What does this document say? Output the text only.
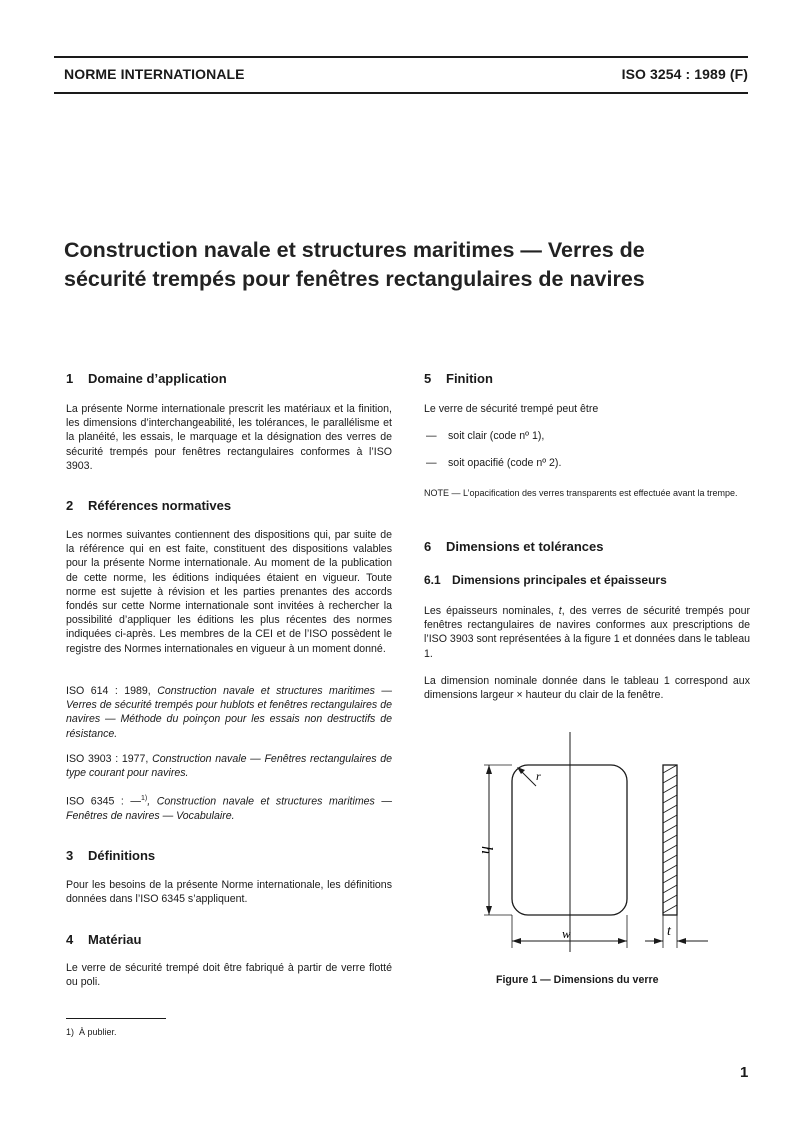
NORME INTERNATIONALE	ISO 3254 : 1989 (F)
Construction navale et structures maritimes — Verres de sécurité trempés pour fenêtres rectangulaires de navires
1 Domaine d’application

La présente Norme internationale prescrit les matériaux et la finition, les dimensions d’interchangeabilité, les tolérances, le parallélisme et la planéité, les essais, le marquage et la désignation des verres de sécurité trempés pour fenêtres rectangulaires conformes à l’ISO 3903.

2 Références normatives

Les normes suivantes contiennent des dispositions qui, par suite de la référence qui en est faite, constituent des dispositions valables pour la présente Norme internationale. Au moment de la publication de cette norme, les éditions indiquées étaient en vigueur. Toute norme est sujette à révision et les parties prenantes des accords fondés sur cette Norme internationale sont invitées à rechercher la possibilité d’appliquer les éditions les plus récentes des normes indiquées ci-après. Les membres de la CEI et de l’ISO possèdent le registre des Normes internationales en vigueur à un moment donné.

ISO 614 : 1989, Construction navale et structures maritimes — Verres de sécurité trempés pour hublots et fenêtres rectangulaires de navires — Méthode du poinçon pour les essais non destructifs de résistance.

ISO 3903 : 1977, Construction navale — Fenêtres rectangulaires de type courant pour navires.

ISO 6345 : —$^{1)}$, Construction navale et structures maritimes — Fenêtres de navires — Vocabulaire.

3 Définitions

Pour les besoins de la présente Norme internationale, les définitions données dans l’ISO 6345 s’appliquent.

4 Matériau

Le verre de sécurité trempé doit être fabriqué à partir de verre flotté ou poli.

1) À publier.
5 Finition

Le verre de sécurité trempé peut être

— soit clair (code nº 1),
— soit opacifié (code nº 2).
NOTE — L’opacification des verres transparents est effectuée avant la trempe.
6 Dimensions et tolérances
6.1 Dimensions principales et épaisseurs

Les épaisseurs nominales, t, des verres de sécurité trempés pour fenêtres rectangulaires de navires conformes aux prescriptions de l’ISO 3903 sont représentées à la figure 1 et données dans le tableau 1.

La dimension nominale donnée dans le tableau 1 correspond aux dimensions largeur × hauteur du clair de la fenêtre.

h
w
r
t
Figure 1 — Dimensions du verre
1
